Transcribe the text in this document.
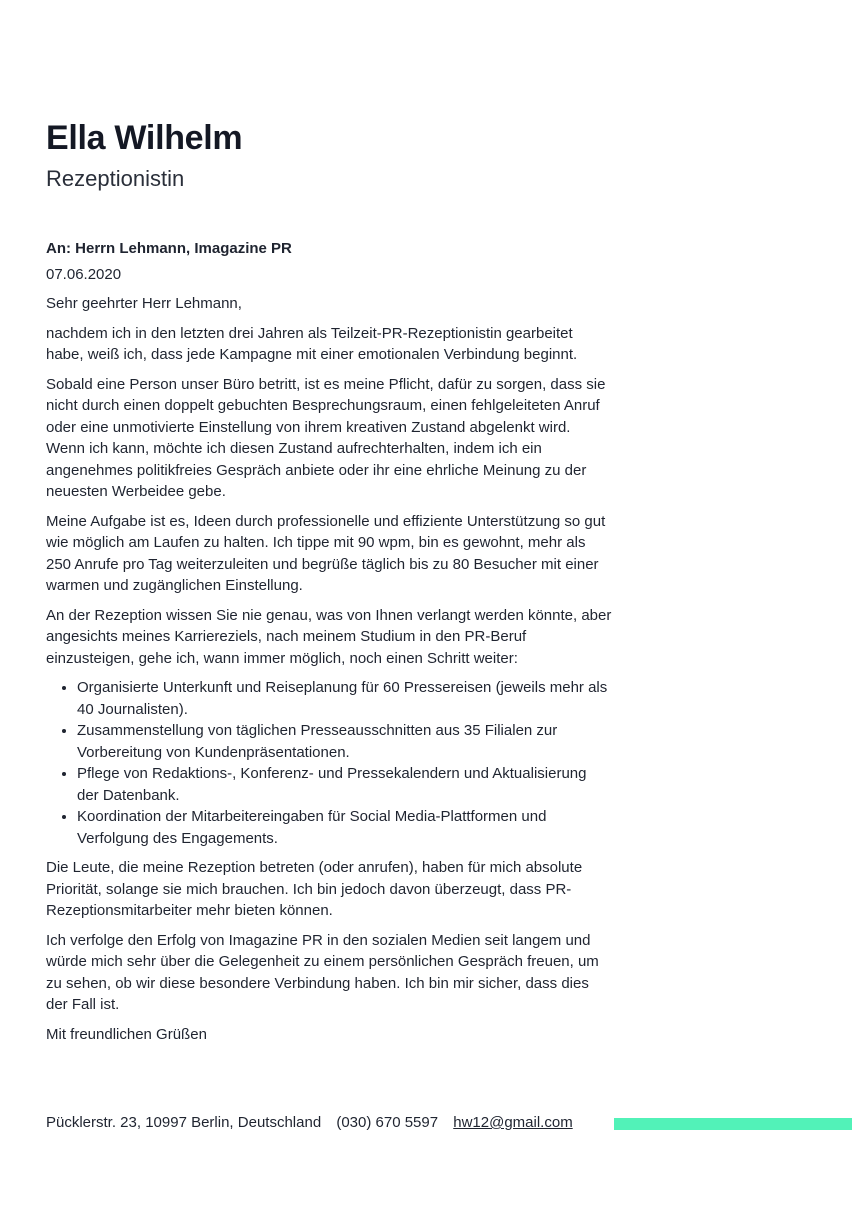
Ella Wilhelm
Rezeptionistin

An: Herrn Lehmann, Imagazine PR

07.06.2020

Sehr geehrter Herr Lehmann,

nachdem ich in den letzten drei Jahren als Teilzeit-PR-Rezeptionistin gearbeitet habe, weiß ich, dass jede Kampagne mit einer emotionalen Verbindung beginnt.

Sobald eine Person unser Büro betritt, ist es meine Pflicht, dafür zu sorgen, dass sie nicht durch einen doppelt gebuchten Besprechungsraum, einen fehlgeleiteten Anruf oder eine unmotivierte Einstellung von ihrem kreativen Zustand abgelenkt wird. Wenn ich kann, möchte ich diesen Zustand aufrechterhalten, indem ich ein angenehmes politikfreies Gespräch anbiete oder ihr eine ehrliche Meinung zu der neuesten Werbeidee gebe.

Meine Aufgabe ist es, Ideen durch professionelle und effiziente Unterstützung so gut wie möglich am Laufen zu halten. Ich tippe mit 90 wpm, bin es gewohnt, mehr als 250 Anrufe pro Tag weiterzuleiten und begrüße täglich bis zu 80 Besucher mit einer warmen und zugänglichen Einstellung.

An der Rezeption wissen Sie nie genau, was von Ihnen verlangt werden könnte, aber angesichts meines Karriereziels, nach meinem Studium in den PR-Beruf einzusteigen, gehe ich, wann immer möglich, noch einen Schritt weiter:

• Organisierte Unterkunft und Reiseplanung für 60 Pressereisen (jeweils mehr als 40 Journalisten).
• Zusammenstellung von täglichen Presseausschnitten aus 35 Filialen zur Vorbereitung von Kundenpräsentationen.
• Pflege von Redaktions-, Konferenz- und Pressekalendern und Aktualisierung der Datenbank.
• Koordination der Mitarbeitereingaben für Social Media-Plattformen und Verfolgung des Engagements.

Die Leute, die meine Rezeption betreten (oder anrufen), haben für mich absolute Priorität, solange sie mich brauchen. Ich bin jedoch davon überzeugt, dass PR-Rezeptionsmitarbeiter mehr bieten können.

Ich verfolge den Erfolg von Imagazine PR in den sozialen Medien seit langem und würde mich sehr über die Gelegenheit zu einem persönlichen Gespräch freuen, um zu sehen, ob wir diese besondere Verbindung haben. Ich bin mir sicher, dass dies der Fall ist.

Mit freundlichen Grüßen

Pücklerstr. 23, 10997 Berlin, Deutschland (030) 670 5597 hw12@gmail.com
